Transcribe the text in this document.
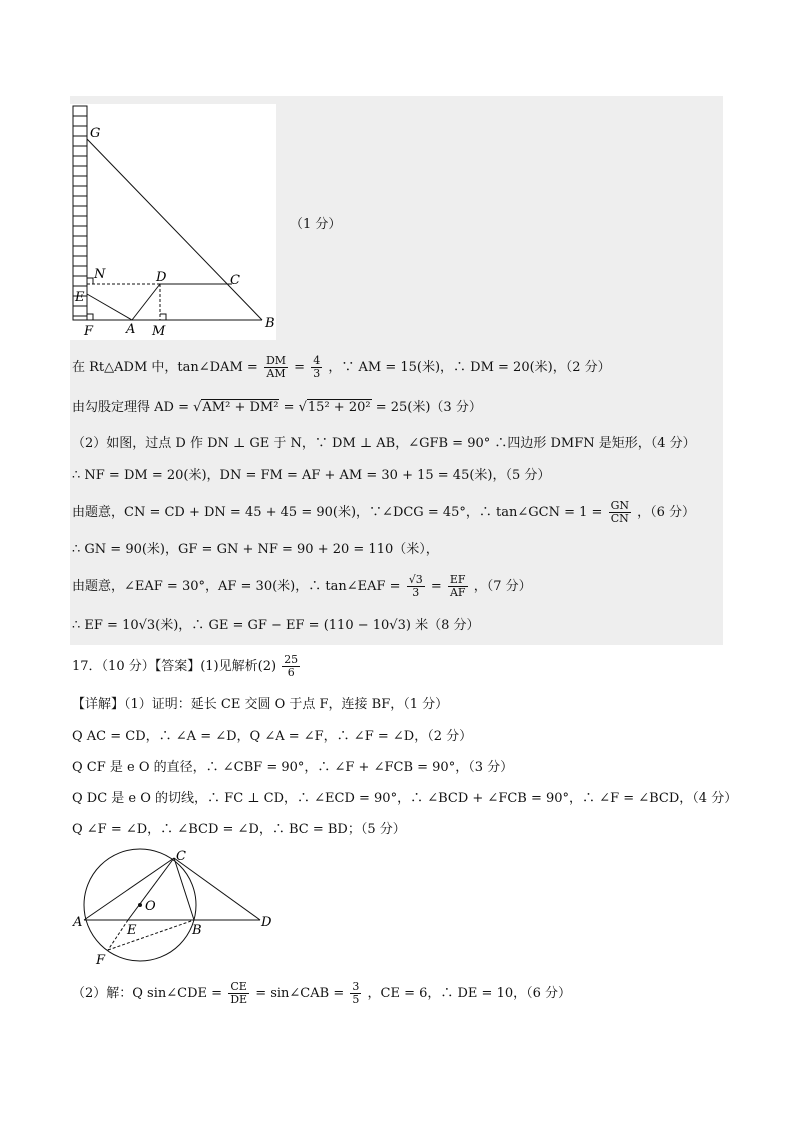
G
N	D	C
E
F	A M
B
（1 分）
在 Rt△ADM 中，tan∠DAM = $\frac{DM}{AM} = \frac{4}{3}$ ，∵ AM = 15(米)，∴ DM = 20(米)，（2 分）
由勾股定理得 AD = √AM² + DM² = √15² + 20² = 25(米)（3 分）
（2）如图，过点 D 作 DN ⊥ GE 于 N，∵ DM ⊥ AB，∠GFB = 90° ∴四边形 DMFN 是矩形，（4 分）
∴ NF = DM = 20(米)，DN = FM = AF + AM = 30 + 15 = 45(米)，（5 分）
由题意，CN = CD + DN = 45 + 45 = 90(米)，∵∠DCG = 45°，∴ tan∠GCN = $1 = \frac{GN}{CN}$ ，（6 分）
∴ GN = 90(米)，GF = GN + NF = 90 + 20 = 110（米），
由题意，∠EAF = 30°，AF = 30(米)，∴ tan∠EAF = $\frac{√3}{3} = \frac{EF}{AF}$ ，（7 分）
∴ EF = 10√3(米)，∴ GE = GF − EF = (110 − 10√3) 米（8 分）
17．（10 分）【答案】(1)见解析$(2) \frac{25}{6}$
【详解】（1）证明：延长 CE 交圆 O 于点 F，连接 BF，（1 分）
Q AC = CD，∴ ∠A = ∠D，Q ∠A = ∠F，∴ ∠F = ∠D，（2 分）
Q CF 是 e O 的直径，∴ ∠CBF = 90°，∴ ∠F + ∠FCB = 90°，（3 分）
Q DC 是 e O 的切线，∴ FC ⊥ CD，∴ ∠ECD = 90°，∴ ∠BCD + ∠FCB = 90°，∴ ∠F = ∠BCD，（4 分）
Q ∠F = ∠D，∴ ∠BCD = ∠D，∴ BC = BD；（5 分）
C
O
A
E	B
D
F
（2）解：Q sin∠CDE = $\frac{CE}{DE}$ = sin∠CAB = $\frac{3}{5}$ ，CE = 6，∴ DE = 10，（6 分）
